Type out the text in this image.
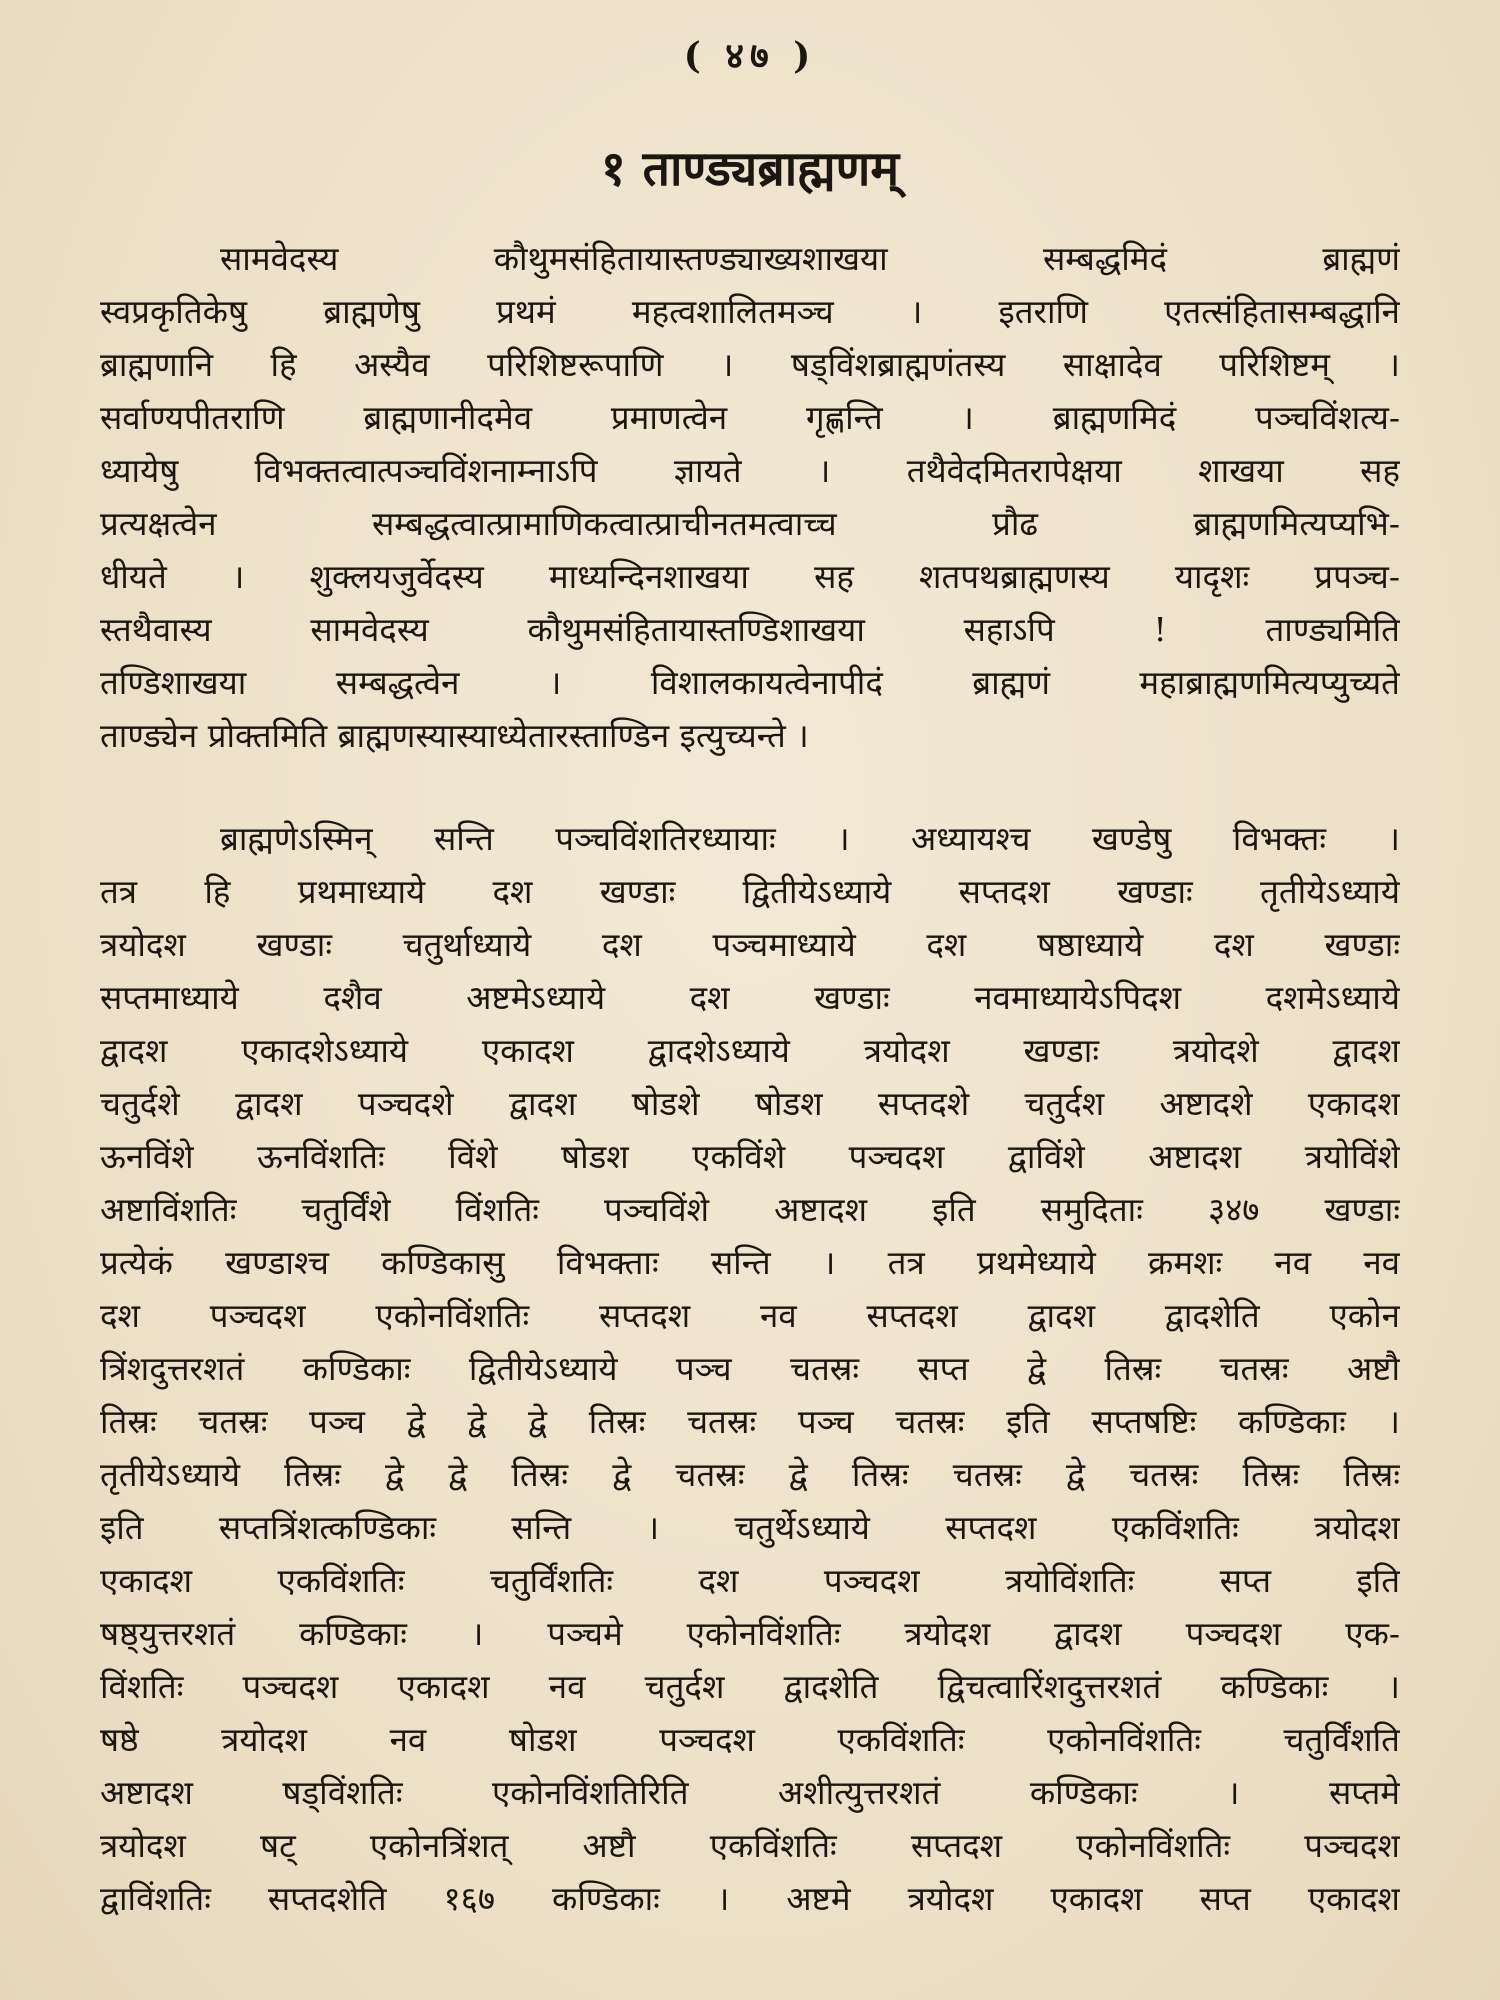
( ४७ )
१ ताण्ड्यब्राह्मणम्
सामवेदस्य कौथुमसंहितायास्तण्ड्याख्यशाखया सम्बद्धमिदं ब्राह्मणं
स्वप्रकृतिकेषु ब्राह्मणेषु प्रथमं महत्वशालितमञ्च । इतराणि एतत्संहितासम्बद्धानि
ब्राह्मणानि हि अस्यैव परिशिष्टरूपाणि । षड्विंशब्राह्मणंतस्य साक्षादेव परिशिष्टम् ।
सर्वाण्यपीतराणि ब्राह्मणानीदमेव प्रमाणत्वेन गृह्णन्ति । ब्राह्मणमिदं पञ्चविंशत्य-
ध्यायेषु विभक्तत्वात्पञ्चविंशनाम्नाऽपि ज्ञायते । तथैवेदमितरापेक्षया शाखया सह
प्रत्यक्षत्वेन सम्बद्धत्वात्प्रामाणिकत्वात्प्राचीनतमत्वाच्च प्रौढ ब्राह्मणमित्यप्यभि-
धीयते । शुक्लयजुर्वेदस्य माध्यन्दिनशाखया सह शतपथब्राह्मणस्य यादृशः प्रपञ्च-
स्तथैवास्य सामवेदस्य कौथुमसंहितायास्तण्डिशाखया सहाऽपि ! ताण्ड्यमिति
तण्डिशाखया सम्बद्धत्वेन । विशालकायत्वेनापीदं ब्राह्मणं महाब्राह्मणमित्यप्युच्यते
ताण्ड्येन प्रोक्तमिति ब्राह्मणस्यास्याध्येतारस्ताण्डिन इत्युच्यन्ते ।
ब्राह्मणेऽस्मिन् सन्ति पञ्चविंशतिरध्यायाः । अध्यायश्च खण्डेषु विभक्तः ।
तत्र हि प्रथमाध्याये दश खण्डाः द्वितीयेऽध्याये सप्तदश खण्डाः तृतीयेऽध्याये
त्रयोदश खण्डाः चतुर्थाध्याये दश पञ्चमाध्याये दश षष्ठाध्याये दश खण्डाः
सप्तमाध्याये दशैव अष्टमेऽध्याये दश खण्डाः नवमाध्यायेऽपिदश दशमेऽध्याये
द्वादश एकादशेऽध्याये एकादश द्वादशेऽध्याये त्रयोदश खण्डाः त्रयोदशे द्वादश
चतुर्दशे द्वादश पञ्चदशे द्वादश षोडशे षोडश सप्तदशे चतुर्दश अष्टादशे एकादश
ऊनविंशे ऊनविंशतिः विंशे षोडश एकविंशे पञ्चदश द्वाविंशे अष्टादश त्रयोविंशे
अष्टाविंशतिः चतुर्विंशे विंशतिः पञ्चविंशे अष्टादश इति समुदिताः ३४७ खण्डाः
प्रत्येकं खण्डाश्च कण्डिकासु विभक्ताः सन्ति । तत्र प्रथमेध्याये क्रमशः नव नव
दश पञ्चदश एकोनविंशतिः सप्तदश नव सप्तदश द्वादश द्वादशेति एकोन
त्रिंशदुत्तरशतं कण्डिकाः द्वितीयेऽध्याये पञ्च चतस्रः सप्त द्वे तिस्रः चतस्रः अष्टौ
तिस्रः चतस्रः पञ्च द्वे द्वे द्वे तिस्रः चतस्रः पञ्च चतस्रः इति सप्तषष्टिः कण्डिकाः ।
तृतीयेऽध्याये तिस्रः द्वे द्वे तिस्रः द्वे चतस्रः द्वे तिस्रः चतस्रः द्वे चतस्रः तिस्रः तिस्रः
इति सप्तत्रिंशत्कण्डिकाः सन्ति । चतुर्थेऽध्याये सप्तदश एकविंशतिः त्रयोदश
एकादश एकविंशतिः चतुर्विंशतिः दश पञ्चदश त्रयोविंशतिः सप्त इति
षष्ठ्युत्तरशतं कण्डिकाः । पञ्चमे एकोनविंशतिः त्रयोदश द्वादश पञ्चदश एक-
विंशतिः पञ्चदश एकादश नव चतुर्दश द्वादशेति द्विचत्वारिंशदुत्तरशतं कण्डिकाः ।
षष्ठे त्रयोदश नव षोडश पञ्चदश एकविंशतिः एकोनविंशतिः चतुर्विंशति
अष्टादश षड्विंशतिः एकोनविंशतिरिति अशीत्युत्तरशतं कण्डिकाः । सप्तमे
त्रयोदश षट् एकोनत्रिंशत् अष्टौ एकविंशतिः सप्तदश एकोनविंशतिः पञ्चदश
द्वाविंशतिः सप्तदशेति १६७ कण्डिकाः । अष्टमे त्रयोदश एकादश सप्त एकादश
